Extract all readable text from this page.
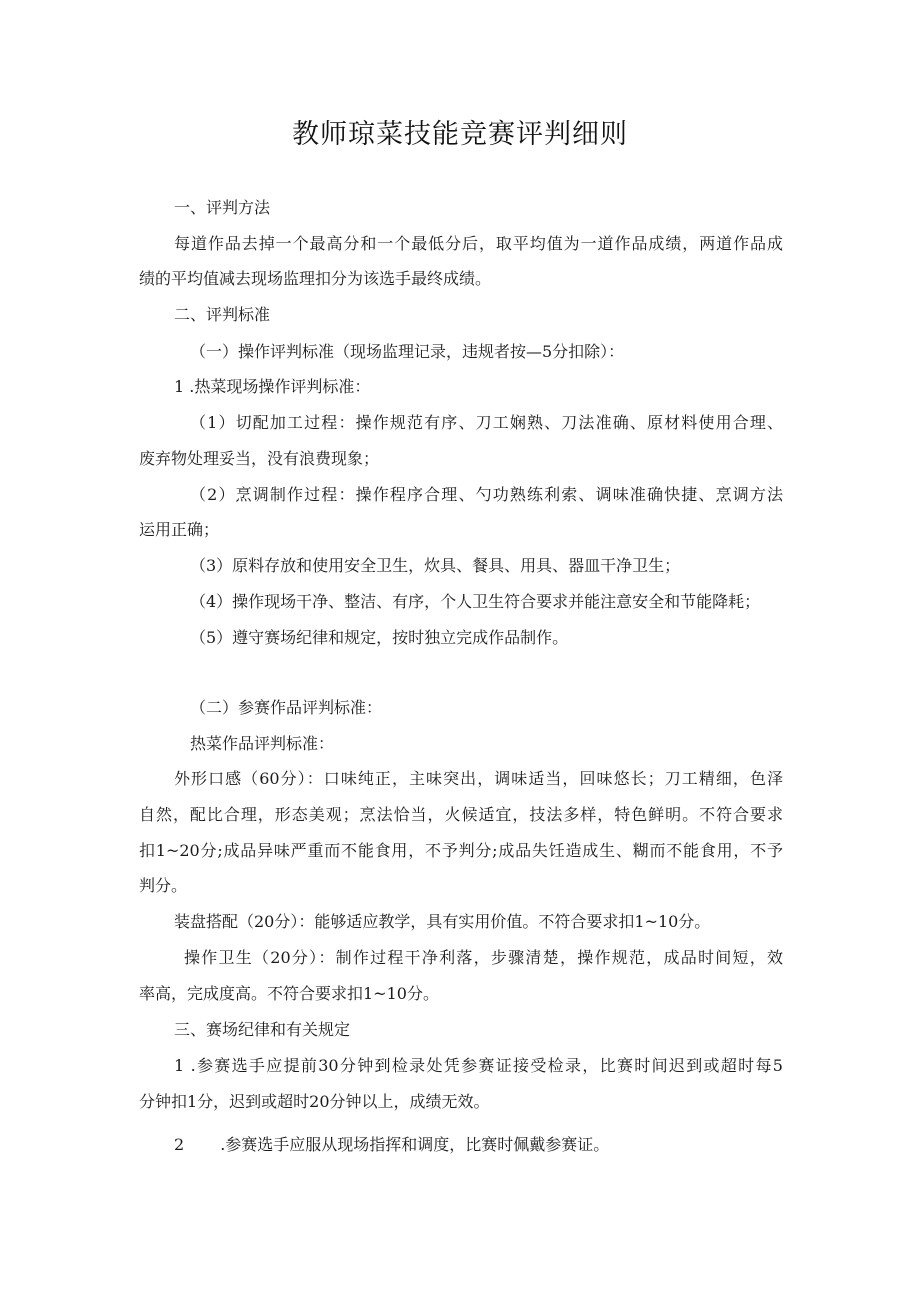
教师琼菜技能竞赛评判细则
一、评判方法
每道作品去掉一个最高分和一个最低分后，取平均值为一道作品成绩，两道作品成
绩的平均值减去现场监理扣分为该选手最终成绩。
二、评判标准
（一）操作评判标准（现场监理记录，违规者按—5分扣除）：
1 .热菜现场操作评判标准：
（1）切配加工过程：操作规范有序、刀工娴熟、刀法准确、原材料使用合理、
废弃物处理妥当，没有浪费现象；
（2）烹调制作过程：操作程序合理、勺功熟练利索、调味准确快捷、烹调方法
运用正确；
（3）原料存放和使用安全卫生，炊具、餐具、用具、器皿干净卫生；
（4）操作现场干净、整洁、有序，个人卫生符合要求并能注意安全和节能降耗；
（5）遵守赛场纪律和规定，按时独立完成作品制作。
（二）参赛作品评判标准：
热菜作品评判标准：
外形口感（60分）：口味纯正，主味突出，调味适当，回味悠长；刀工精细，色泽
自然，配比合理，形态美观；烹法恰当，火候适宜，技法多样，特色鲜明。不符合要求
扣1~20分;成品异味严重而不能食用，不予判分;成品失饪造成生、糊而不能食用，不予
判分。
装盘搭配（20分）：能够适应教学，具有实用价值。不符合要求扣1~10分。
操作卫生（20分）：制作过程干净利落，步骤清楚，操作规范，成品时间短，效
率高，完成度高。不符合要求扣1~10分。
三、赛场纪律和有关规定
1 .参赛选手应提前30分钟到检录处凭参赛证接受检录，比赛时间迟到或超时每5
分钟扣1分，迟到或超时20分钟以上，成绩无效。
2 .参赛选手应服从现场指挥和调度，比赛时佩戴参赛证。
